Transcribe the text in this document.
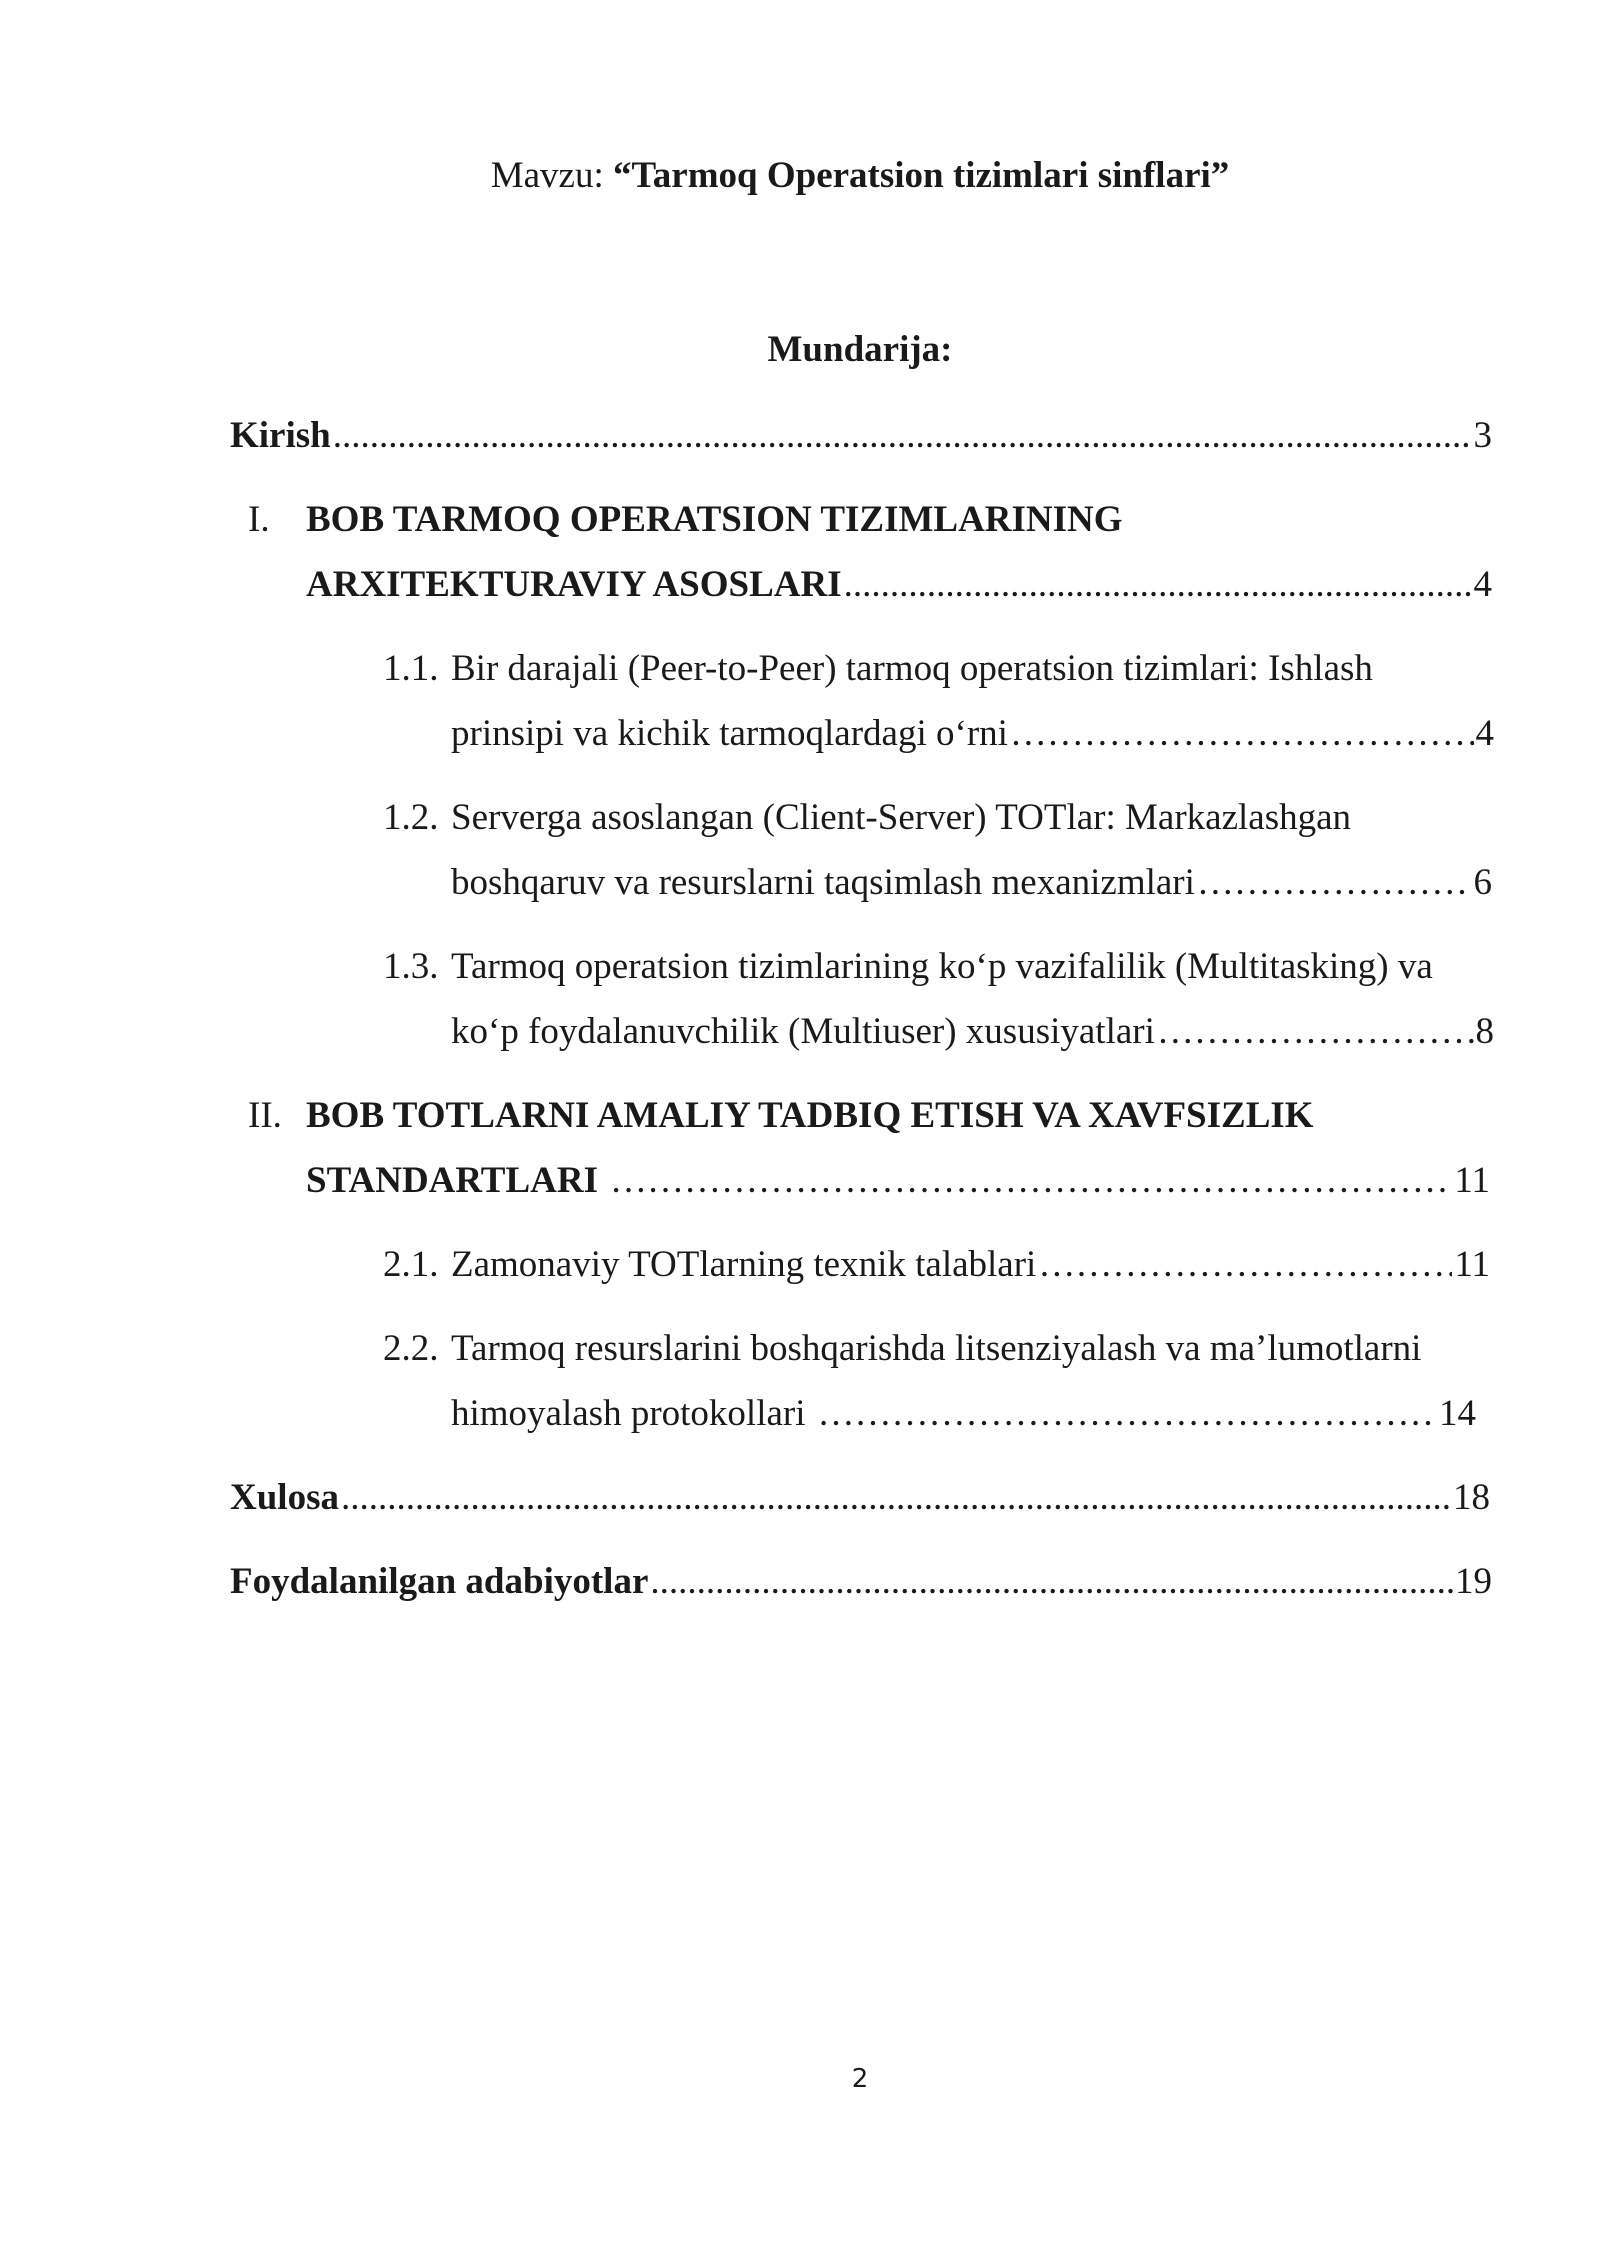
Mavzu: “Tarmoq Operatsion tizimlari sinflari”
Mundarija:
Kirish .....	3
I. BOB TARMOQ OPERATSION TIZIMLARINING
ARXITEKTURAVIY ASOSLARI .....	4
1.1. Bir darajali (Peer-to-Peer) tarmoq operatsion tizimlari: Ishlash
prinsipi va kichik tarmoqlardagi o‘rni ……………………………………………………………………………………………………………………………………	4
1.2. Serverga asoslangan (Client-Server) TOTlar: Markazlashgan
boshqaruv va resurslarni taqsimlash mexanizmlari ……………………………………………………………………………………………………………………………………	6
1.3. Tarmoq operatsion tizimlarining ko‘p vazifalilik (Multitasking) va
ko‘p foydalanuvchilik (Multiuser) xususiyatlari ……………………………………………………………………………………………………………………………………	8
II. BOB TOTLARNI AMALIY TADBIQ ETISH VA XAVFSIZLIK
STANDARTLARI ……………………………………………………………………………………………………………………………………	11
2.1. Zamonaviy TOTlarning texnik talablari ……………………………………………………………………………………………………………………………………	11
2.2. Tarmoq resurslarini boshqarishda litsenziyalash va ma’lumotlarni
himoyalash protokollari ……………………………………………………………………………………………………………………………………	14
Xulosa .....	18
Foydalanilgan adabiyotlar .....	19
2
